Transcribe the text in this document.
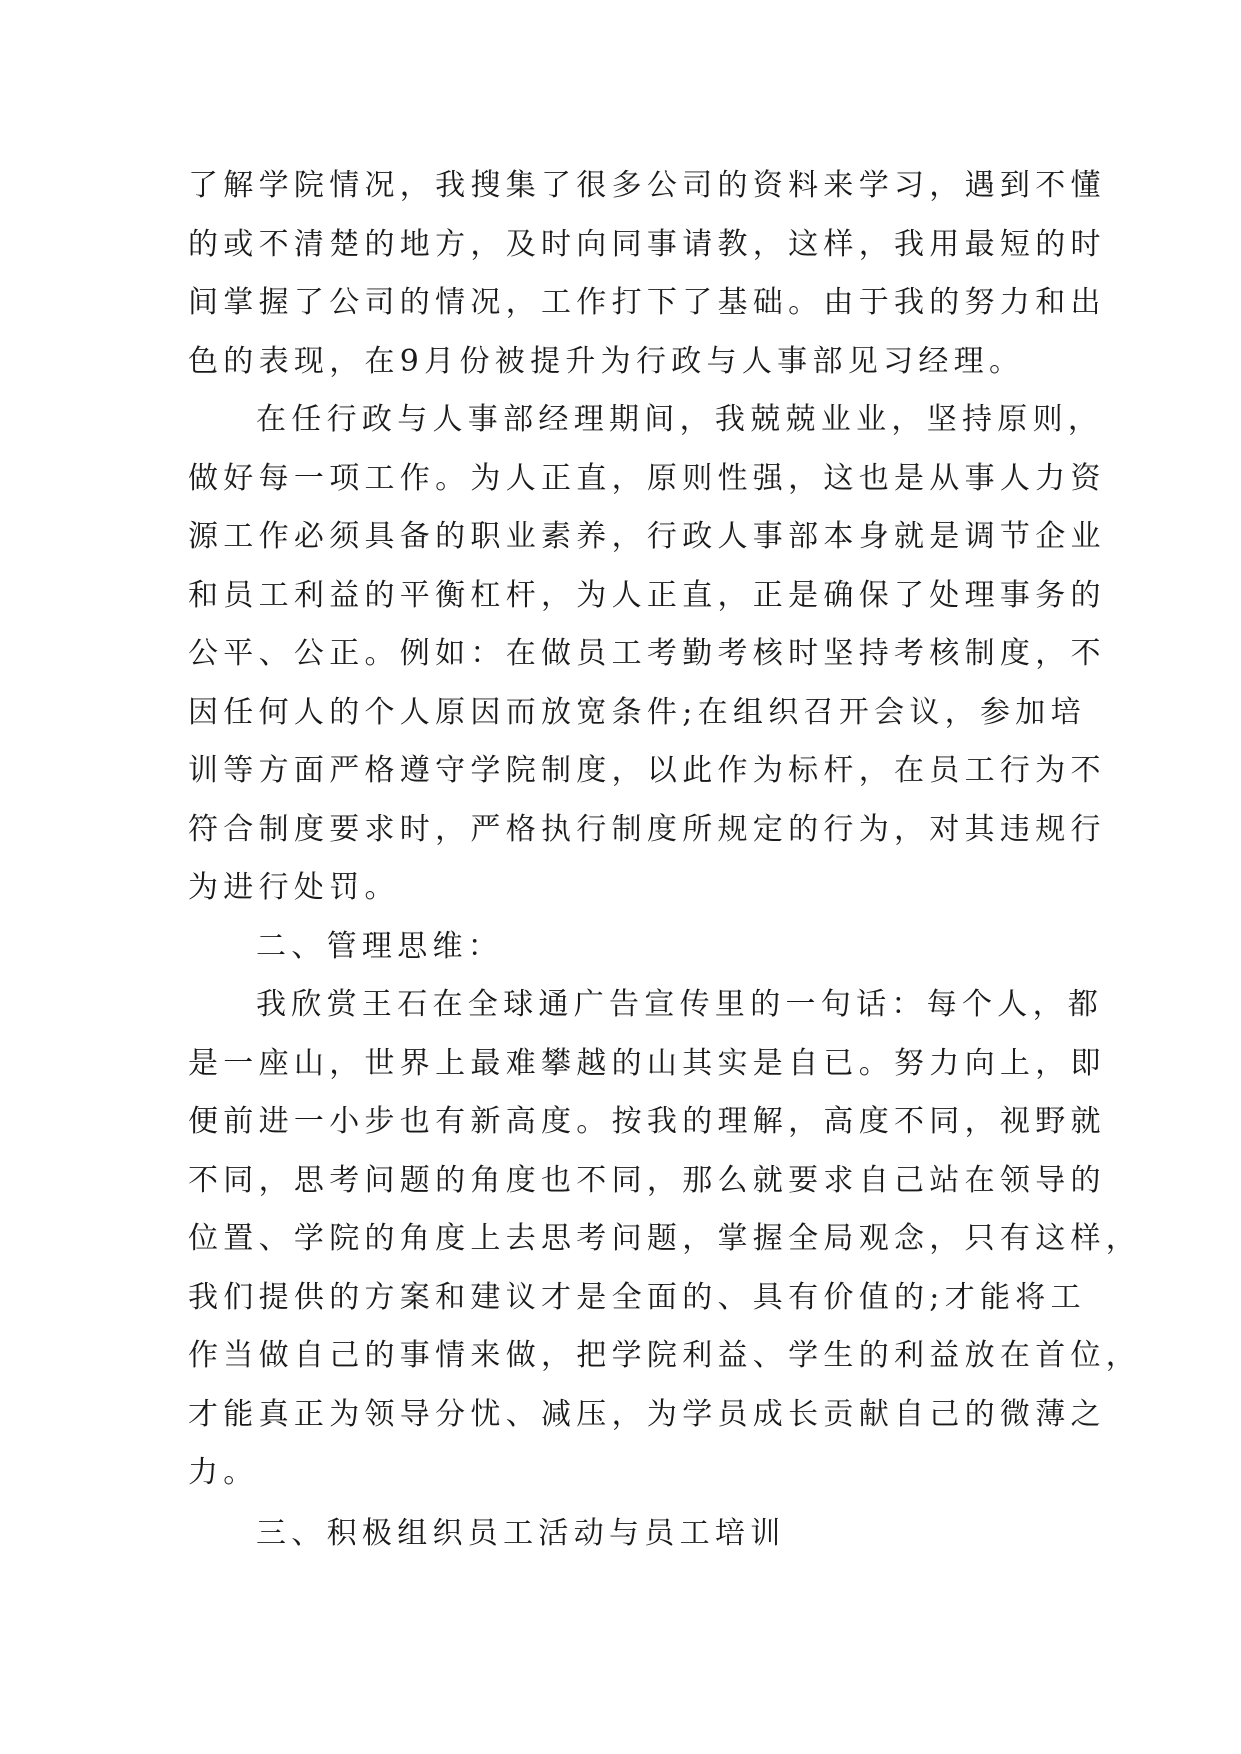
了解学院情况，我搜集了很多公司的资料来学习，遇到不懂
的或不清楚的地方，及时向同事请教，这样，我用最短的时
间掌握了公司的情况，工作打下了基础。由于我的努力和出
色的表现，在9月份被提升为行政与人事部见习经理。
在任行政与人事部经理期间，我兢兢业业，坚持原则，
做好每一项工作。为人正直，原则性强，这也是从事人力资
源工作必须具备的职业素养，行政人事部本身就是调节企业
和员工利益的平衡杠杆，为人正直，正是确保了处理事务的
公平、公正。例如：在做员工考勤考核时坚持考核制度，不
因任何人的个人原因而放宽条件;在组织召开会议，参加培
训等方面严格遵守学院制度，以此作为标杆，在员工行为不
符合制度要求时，严格执行制度所规定的行为，对其违规行
为进行处罚。
二、管理思维：
我欣赏王石在全球通广告宣传里的一句话：每个人，都
是一座山，世界上最难攀越的山其实是自已。努力向上，即
便前进一小步也有新高度。按我的理解，高度不同，视野就
不同，思考问题的角度也不同，那么就要求自己站在领导的
位置、学院的角度上去思考问题，掌握全局观念，只有这样，
我们提供的方案和建议才是全面的、具有价值的;才能将工
作当做自己的事情来做，把学院利益、学生的利益放在首位，
才能真正为领导分忧、减压，为学员成长贡献自己的微薄之
力。
三、积极组织员工活动与员工培训
